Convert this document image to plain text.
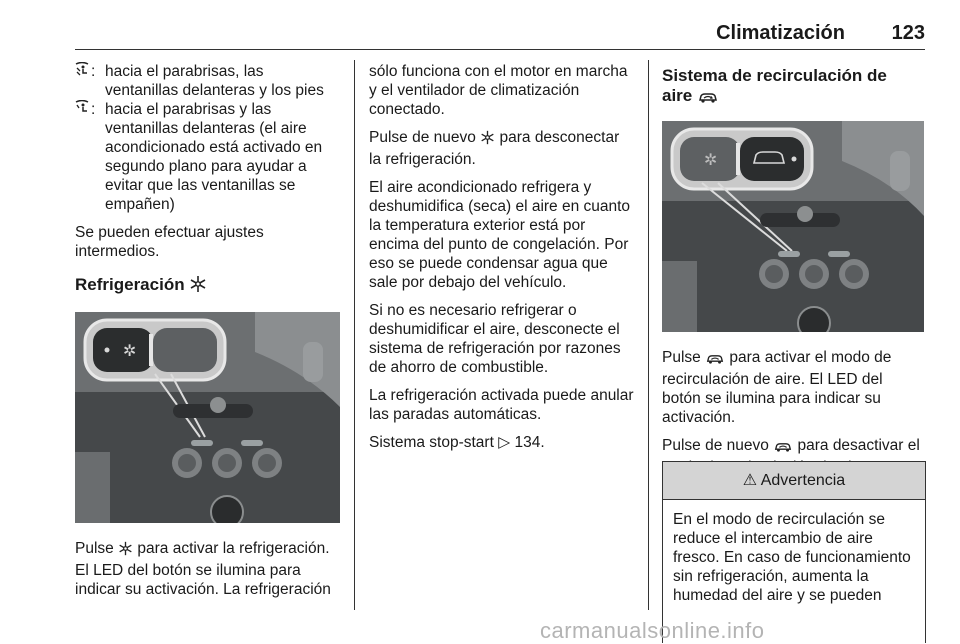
Climatización 123
: hacia el parabrisas, las ventanillas delanteras y los pies
: hacia el parabrisas y las ventanillas delanteras (el aire acondicionado está activado en segundo plano para ayudar a evitar que las ventanillas se empañen)

Se pueden efectuar ajustes intermedios.

Refrigeración
✲

Pulse para activar la refrigeración. El LED del botón se ilumina para indicar su activación. La refrigeración

sólo funciona con el motor en marcha y el ventilador de climatización conectado.

Pulse de nuevo para desconectar la refrigeración.

El aire acondicionado refrigera y deshumidifica (seca) el aire en cuanto la temperatura exterior está por encima del punto de congelación. Por eso se puede condensar agua que sale por debajo del vehículo.

Si no es necesario refrigerar o deshumidificar el aire, desconecte el sistema de refrigeración por razones de ahorro de combustible.

La refrigeración activada puede anular las paradas automáticas.

Sistema stop-start ▷ 134.

Sistema de recirculación de
aire
✲

Pulse para activar el modo de recirculación de aire. El LED del botón se ilumina para indicar su activación.

Pulse de nuevo para desactivar el

⚠ Advertencia
En el modo de recirculación se reduce el intercambio de aire fresco. En caso de funcionamiento sin refrigeración, aumenta la humedad del aire y se pueden
carmanualsonline.info
